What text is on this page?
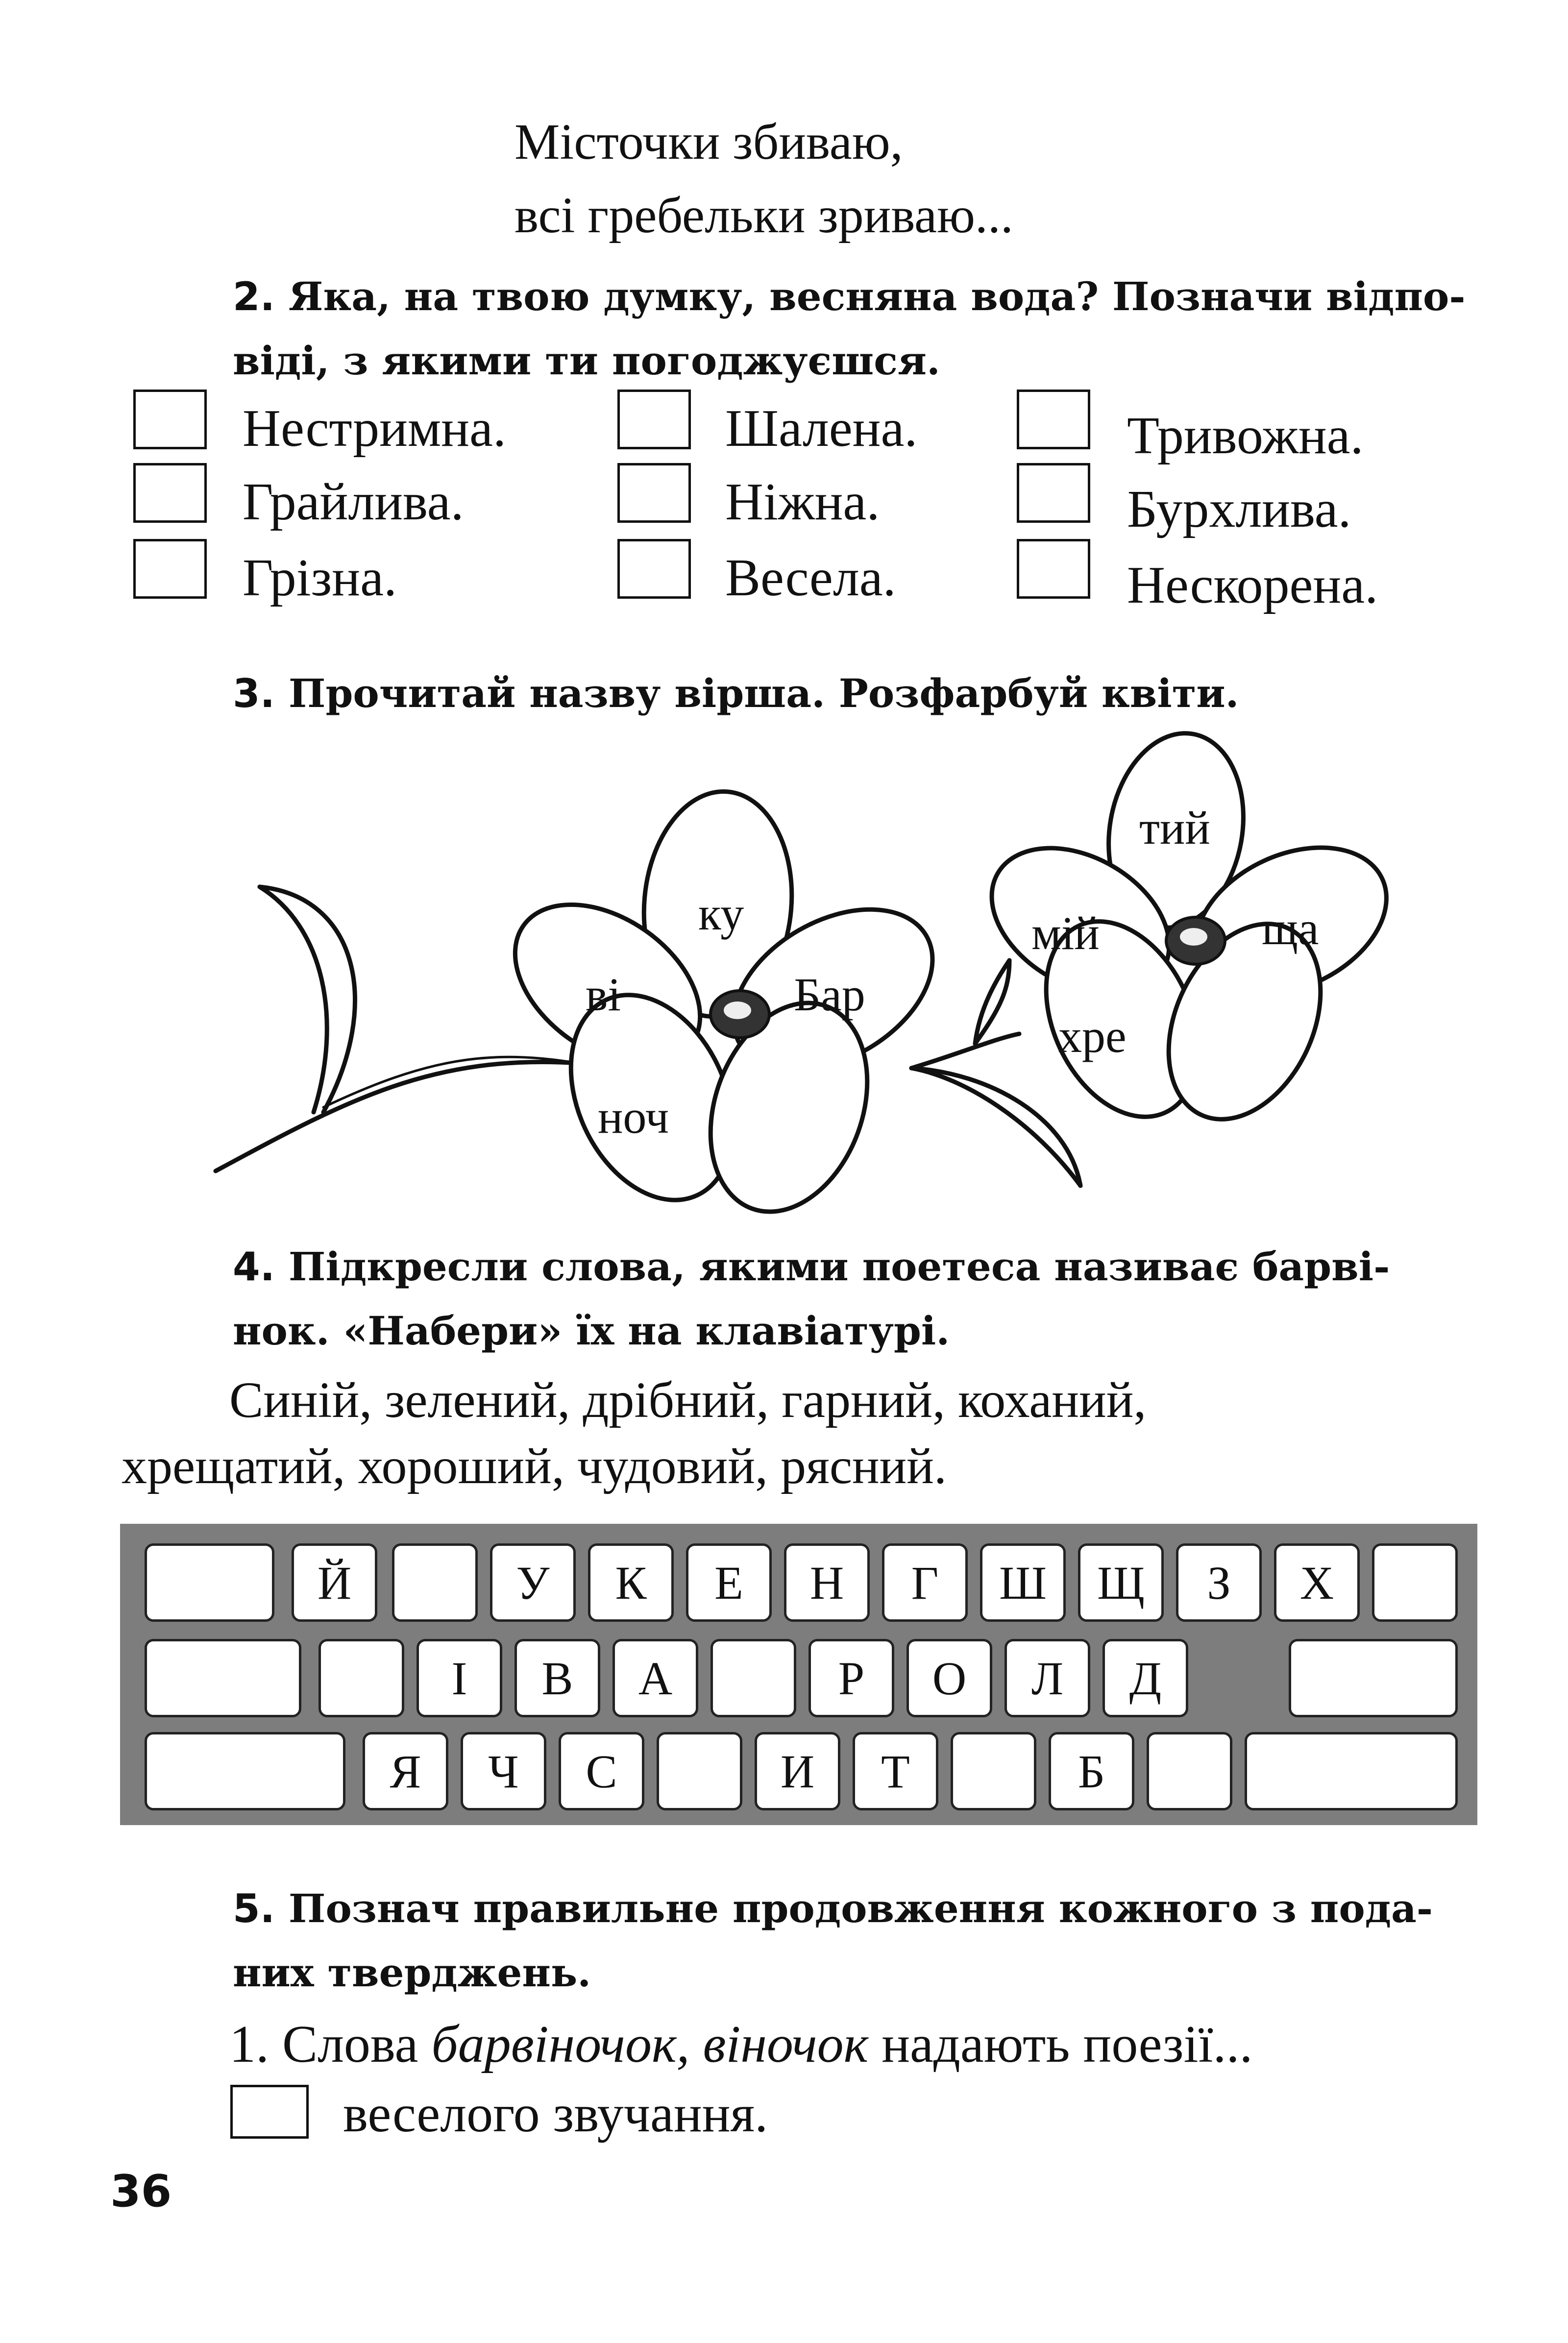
Місточки збиваю,
всі гребельки зриваю...
2. Яка, на твою думку, весняна вода? Позначи відпо-
віді, з якими ти погоджуєшся.
Нестримна.
Грайлива.
Грізна.
Шалена.
Ніжна.
Весела.
Тривожна.
Бурхлива.
Нескорена.
3. Прочитай назву вірша. Розфарбуй квіти.
ку
ві	Бар
ноч
тий
мій	ща
хре
4. Підкресли слова, якими поетеса називає барві-
нок. «Набери» їх на клавіатурі.
Синій, зелений, дрібний, гарний, коханий,
хрещатий, хороший, чудовий, рясний.
Й	У	К	Е	Н	Г	Ш	Щ	З	Х
І	В	А	Р	О	Л	Д
Я	Ч	С	И	Т	Б
5. Познач правильне продовження кожного з пода-
них тверджень.
1. Слова барвіночок, віночок надають поезії...
веселого звучання.
36
